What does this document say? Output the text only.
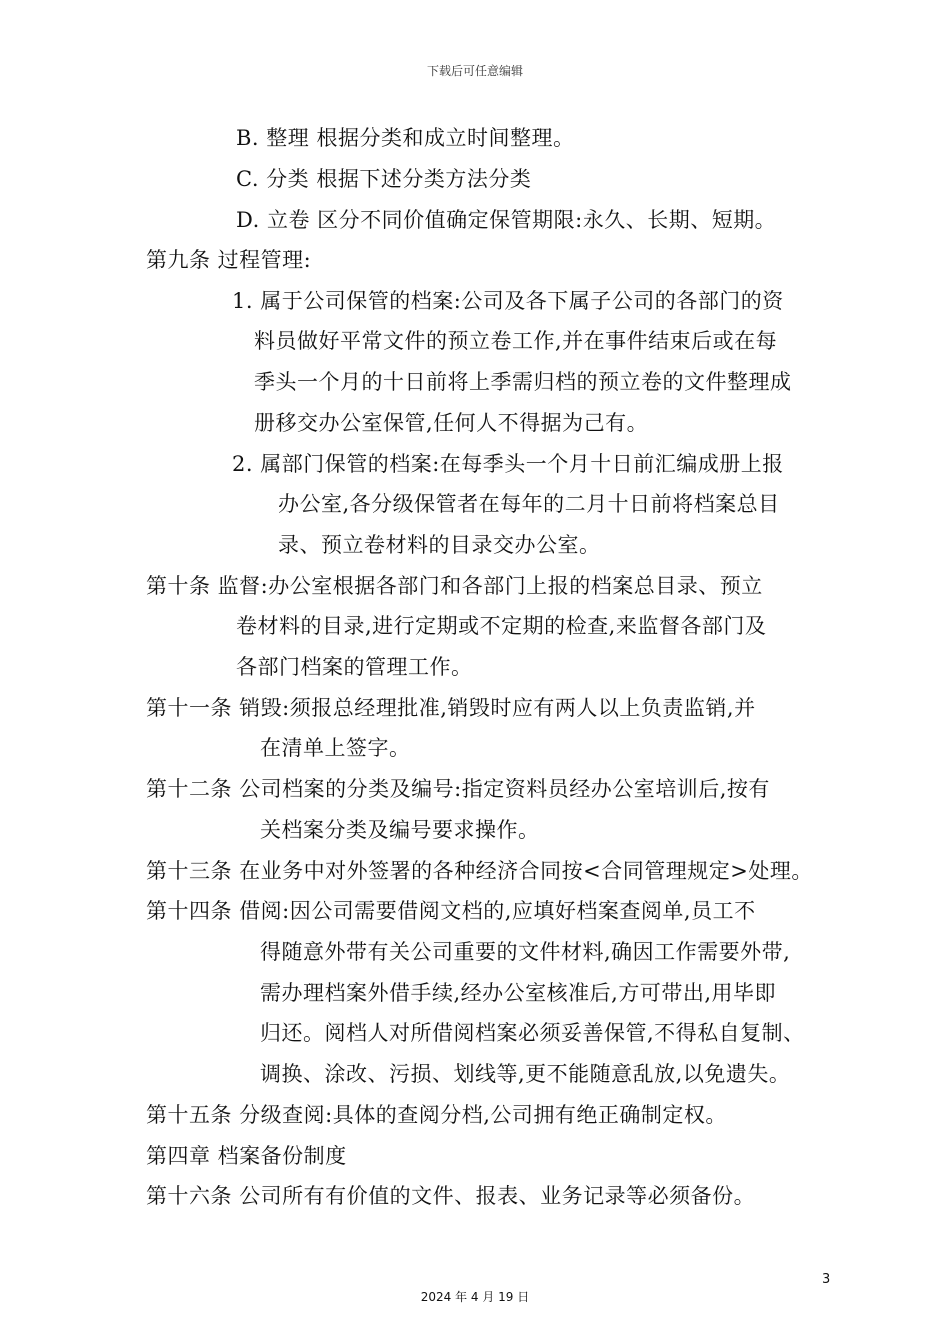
下载后可任意编辑
B. 整理 根据分类和成立时间整理。
C. 分类 根据下述分类方法分类
D. 立卷 区分不同价值确定保管期限:永久、长期、短期。
第九条 过程管理:
1. 属于公司保管的档案:公司及各下属子公司的各部门的资
料员做好平常文件的预立卷工作,并在事件结束后或在每
季头一个月的十日前将上季需归档的预立卷的文件整理成
册移交办公室保管,任何人不得据为己有。
2. 属部门保管的档案:在每季头一个月十日前汇编成册上报
办公室,各分级保管者在每年的二月十日前将档案总目
录、预立卷材料的目录交办公室。
第十条 监督:办公室根据各部门和各部门上报的档案总目录、预立
卷材料的目录,进行定期或不定期的检查,来监督各部门及
各部门档案的管理工作。
第十一条 销毁:须报总经理批准,销毁时应有两人以上负责监销,并
在清单上签字。
第十二条 公司档案的分类及编号:指定资料员经办公室培训后,按有
关档案分类及编号要求操作。
第十三条 在业务中对外签署的各种经济合同按<合同管理规定>处理。
第十四条 借阅:因公司需要借阅文档的,应填好档案查阅单,员工不
得随意外带有关公司重要的文件材料,确因工作需要外带,
需办理档案外借手续,经办公室核准后,方可带出,用毕即
归还。阅档人对所借阅档案必须妥善保管,不得私自复制、
调换、涂改、污损、划线等,更不能随意乱放,以免遗失。
第十五条 分级查阅:具体的查阅分档,公司拥有绝正确制定权。
第四章 档案备份制度
第十六条 公司所有有价值的文件、报表、业务记录等必须备份。
3
2024 年 4 月 19 日
